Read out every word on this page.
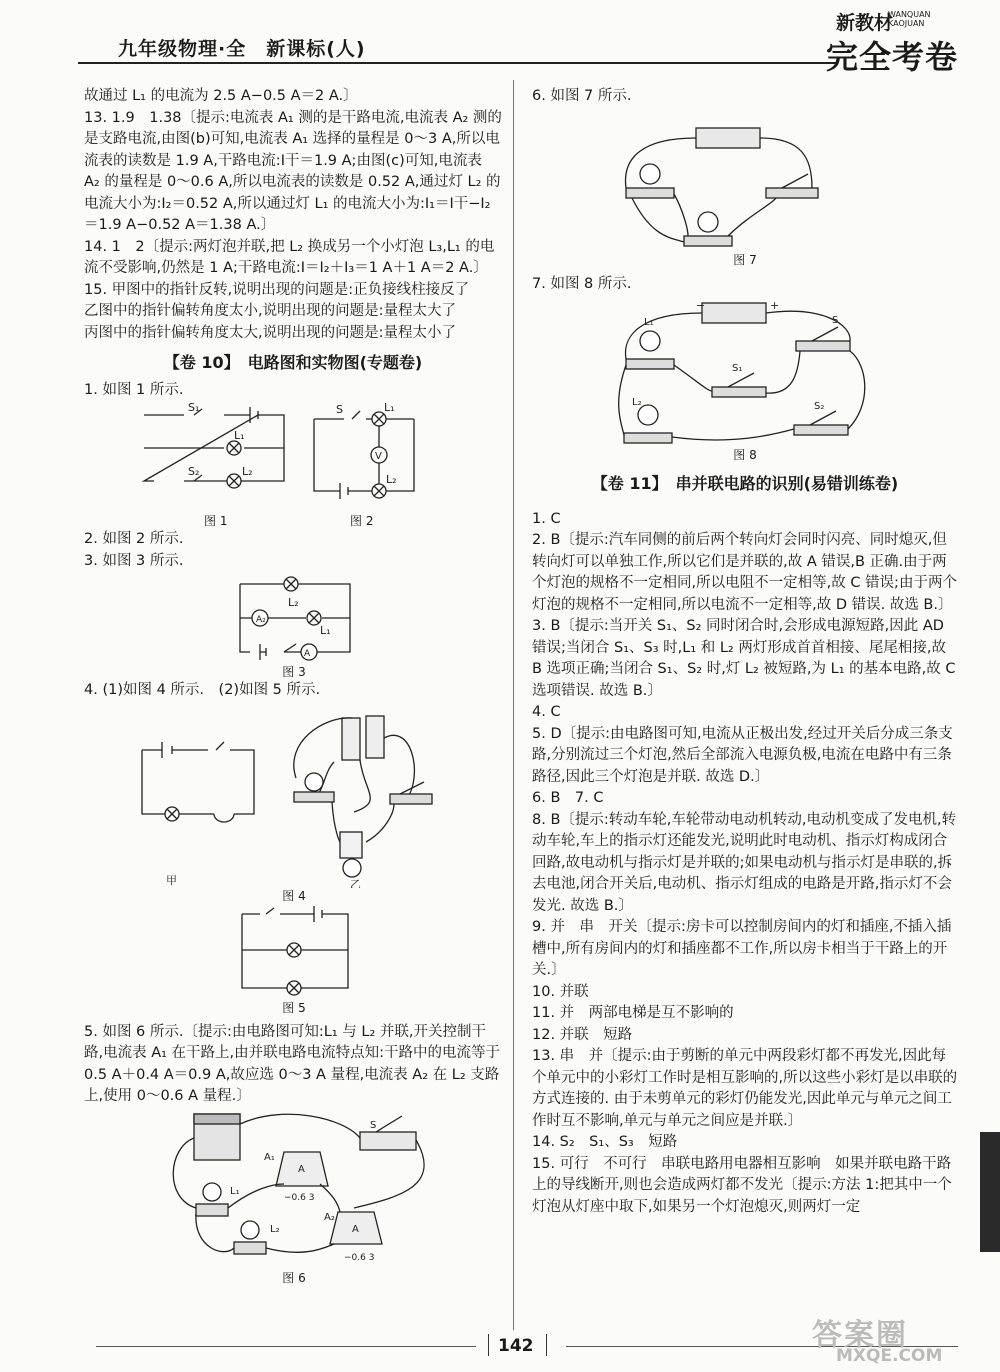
九年级物理·全　新课标(人)
新教材
WANQUAN
KAOJUAN
完全考卷

故通过 L₁ 的电流为 2.5 A−0.5 A＝2 A.〕

13. 1.9　1.38〔提示:电流表 A₁ 测的是干路电流,电流表 A₂ 测的是支路电流,由图(b)可知,电流表 A₁ 选择的量程是 0～3 A,所以电流表的读数是 1.9 A,干路电流:I干＝1.9 A;由图(c)可知,电流表 A₂ 的量程是 0～0.6 A,所以电流表的读数是 0.52 A,通过灯 L₂ 的电流大小为:I₂＝0.52 A,所以通过灯 L₁ 的电流大小为:I₁＝I干−I₂＝1.9 A−0.52 A＝1.38 A.〕

14. 1　2〔提示:两灯泡并联,把 L₂ 换成另一个小灯泡 L₃,L₁ 的电流不受影响,仍然是 1 A;干路电流:I＝I₂＋I₃＝1 A＋1 A＝2 A.〕

15. 甲图中的指针反转,说明出现的问题是:正负接线柱接反了

乙图中的指针偏转角度太小,说明出现的问题是:量程太大了

丙图中的指针偏转角度太大,说明出现的问题是:量程太小了

【卷 10】　电路图和实物图(专题卷)

1. 如图 1 所示.

S₁
L₁
S₂	L₂
S	L₁
V
L₂
图 1	图 2

2. 如图 2 所示.

3. 如图 3 所示.

A₂
A
L₂
L₁
图 3

4. (1)如图 4 所示.　(2)如图 5 所示.

甲	乙
图 4
图 5

5. 如图 6 所示.〔提示:由电路图可知:L₁ 与 L₂ 并联,开关控制干路,电流表 A₁ 在干路上,由并联电路电流特点知:干路中的电流等于 0.5 A＋0.4 A＝0.9 A,故应选 0～3 A 量程,电流表 A₂ 在 L₂ 支路上,使用 0～0.6 A 量程.〕

A₁
L₁
S
A
−0.6 3
A₂
L₂	A
−0.6 3
图 6

6. 如图 7 所示.

图 7

7. 如图 8 所示.

−	+
L₁	S
S₁
L₂	S₂
图 8
【卷 11】　串并联电路的识别(易错训练卷)

1. C

2. B〔提示:汽车同侧的前后两个转向灯会同时闪亮、同时熄灭,但转向灯可以单独工作,所以它们是并联的,故 A 错误,B 正确.由于两个灯泡的规格不一定相同,所以电阻不一定相等,故 C 错误;由于两个灯泡的规格不一定相同,所以电流不一定相等,故 D 错误. 故选 B.〕

3. B〔提示:当开关 S₁、S₂ 同时闭合时,会形成电源短路,因此 AD 错误;当闭合 S₁、S₃ 时,L₁ 和 L₂ 两灯形成首首相接、尾尾相接,故 B 选项正确;当闭合 S₁、S₂ 时,灯 L₂ 被短路,为 L₁ 的基本电路,故 C 选项错误. 故选 B.〕

4. C

5. D〔提示:由电路图可知,电流从正极出发,经过开关后分成三条支路,分别流过三个灯泡,然后全部流入电源负极,电流在电路中有三条路径,因此三个灯泡是并联. 故选 D.〕

6. B　7. C

8. B〔提示:转动车轮,车轮带动电动机转动,电动机变成了发电机,转动车轮,车上的指示灯还能发光,说明此时电动机、指示灯构成闭合回路,故电动机与指示灯是并联的;如果电动机与指示灯是串联的,拆去电池,闭合开关后,电动机、指示灯组成的电路是开路,指示灯不会发光. 故选 B.〕

9. 并　串　开关〔提示:房卡可以控制房间内的灯和插座,不插入插槽中,所有房间内的灯和插座都不工作,所以房卡相当于干路上的开关.〕

10. 并联

11. 并　两部电梯是互不影响的

12. 并联　短路

13. 串　并〔提示:由于剪断的单元中两段彩灯都不再发光,因此每个单元中的小彩灯工作时是相互影响的,所以这些小彩灯是以串联的方式连接的. 由于未剪单元的彩灯仍能发光,因此单元与单元之间工作时互不影响,单元与单元之间应是并联.〕

14. S₂　S₁、S₃　短路

15. 可行　不可行　串联电路用电器相互影响　如果并联电路干路上的导线断开,则也会造成两灯都不发光〔提示:方法 1:把其中一个灯泡从灯座中取下,如果另一个灯泡熄灭,则两灯一定

142	答案圈
MXQE.COM
